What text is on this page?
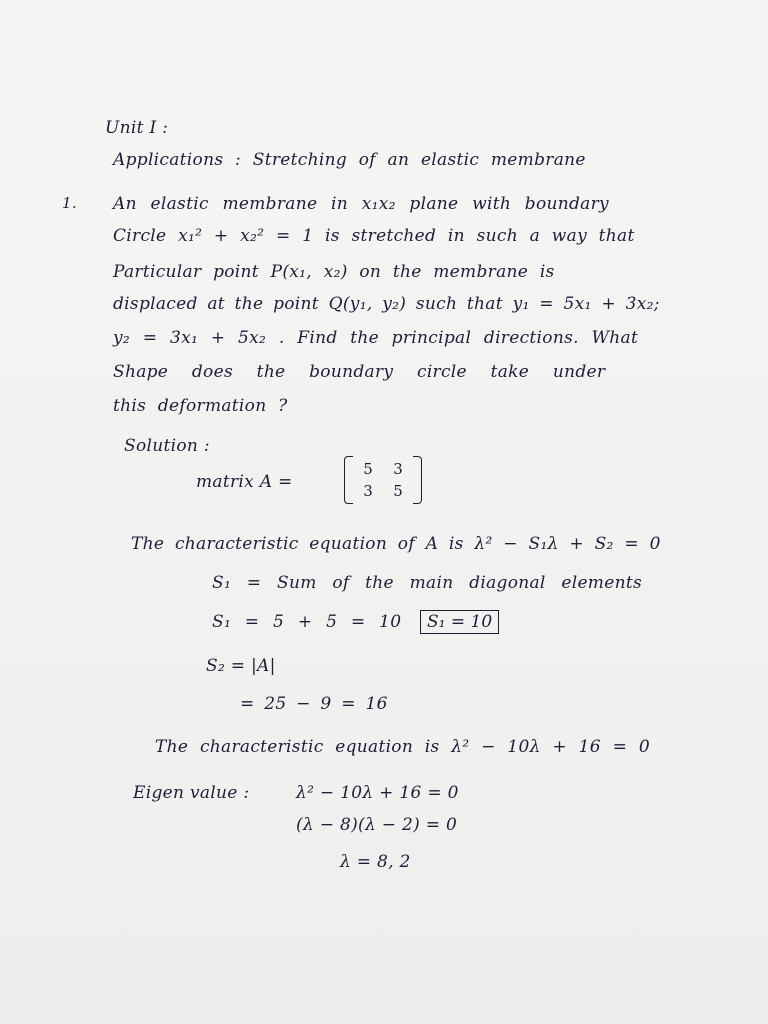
Unit I :
Applications : Stretching of an elastic membrane
1. An elastic membrane in x₁x₂ plane with boundary
Circle x₁² + x₂² = 1 is stretched in such a way that
Particular point P(x₁, x₂) on the membrane is
displaced at the point Q(y₁, y₂) such that y₁ = 5x₁ + 3x₂;
y₂ = 3x₁ + 5x₂ . Find the principal directions. What
Shape does the boundary circle take under
this deformation ?
Solution :
matrix A =
5	3
3	5
The characteristic equation of A is λ² − S₁λ + S₂ = 0
S₁ = Sum of the main diagonal elements
S₁ = 5 + 5 = 10	S₁ = 10
S₂ = |A|
= 25 − 9 = 16
The characteristic equation is λ² − 10λ + 16 = 0
Eigen value :	λ² − 10λ + 16 = 0
(λ − 8)(λ − 2) = 0
λ = 8, 2
